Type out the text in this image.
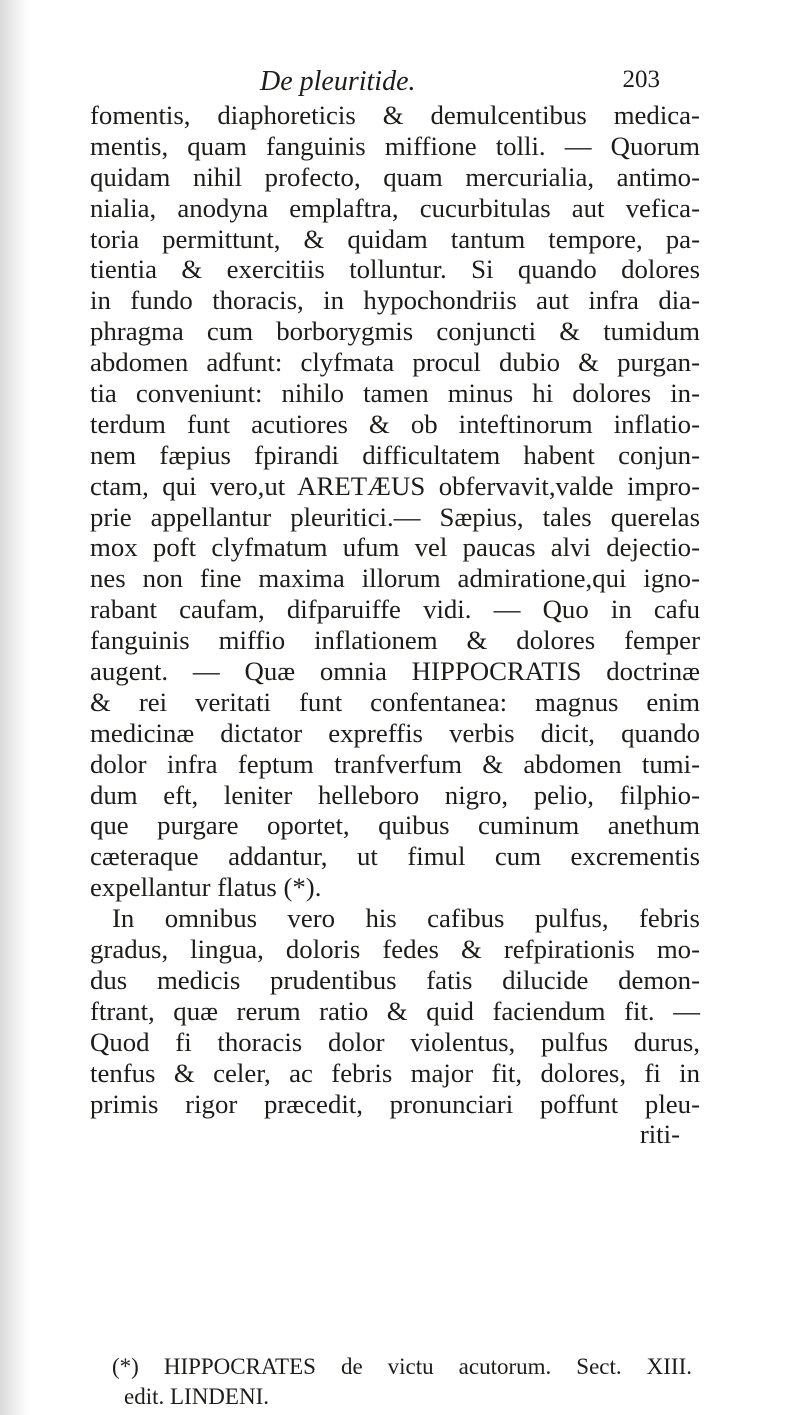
De pleuritide.	203
fomentis, diaphoreticis & demulcentibus medica-
mentis, quam fanguinis miffione tolli. — Quorum
quidam nihil profecto, quam mercurialia, antimo-
nialia, anodyna emplaftra, cucurbitulas aut vefica-
toria permittunt, & quidam tantum tempore, pa-
tientia & exercitiis tolluntur. Si quando dolores
in fundo thoracis, in hypochondriis aut infra dia-
phragma cum borborygmis conjuncti & tumidum
abdomen adfunt: clyfmata procul dubio & purgan-
tia conveniunt: nihilo tamen minus hi dolores in-
terdum funt acutiores & ob inteftinorum inflatio-
nem fæpius fpirandi difficultatem habent conjun-
ctam, qui vero,ut ARETÆUS obfervavit,valde impro-
prie appellantur pleuritici.— Sæpius, tales querelas
mox poft clyfmatum ufum vel paucas alvi dejectio-
nes non fine maxima illorum admiratione,qui igno-
rabant caufam, difparuiffe vidi. — Quo in cafu
fanguinis miffio inflationem & dolores femper
augent. — Quæ omnia HIPPOCRATIS doctrinæ
& rei veritati funt confentanea: magnus enim
medicinæ dictator expreffis verbis dicit, quando
dolor infra feptum tranfverfum & abdomen tumi-
dum eft, leniter helleboro nigro, pelio, filphio-
que purgare oportet, quibus cuminum anethum
cæteraque addantur, ut fimul cum excrementis
expellantur flatus (*).
In omnibus vero his cafibus pulfus, febris
gradus, lingua, doloris fedes & refpirationis mo-
dus medicis prudentibus fatis dilucide demon-
ftrant, quæ rerum ratio & quid faciendum fit. —
Quod fi thoracis dolor violentus, pulfus durus,
tenfus & celer, ac febris major fit, dolores, fi in
primis rigor præcedit, pronunciari poffunt pleu-
riti-
(*) HIPPOCRATES de victu acutorum. Sect. XIII.
edit. LINDENI.
